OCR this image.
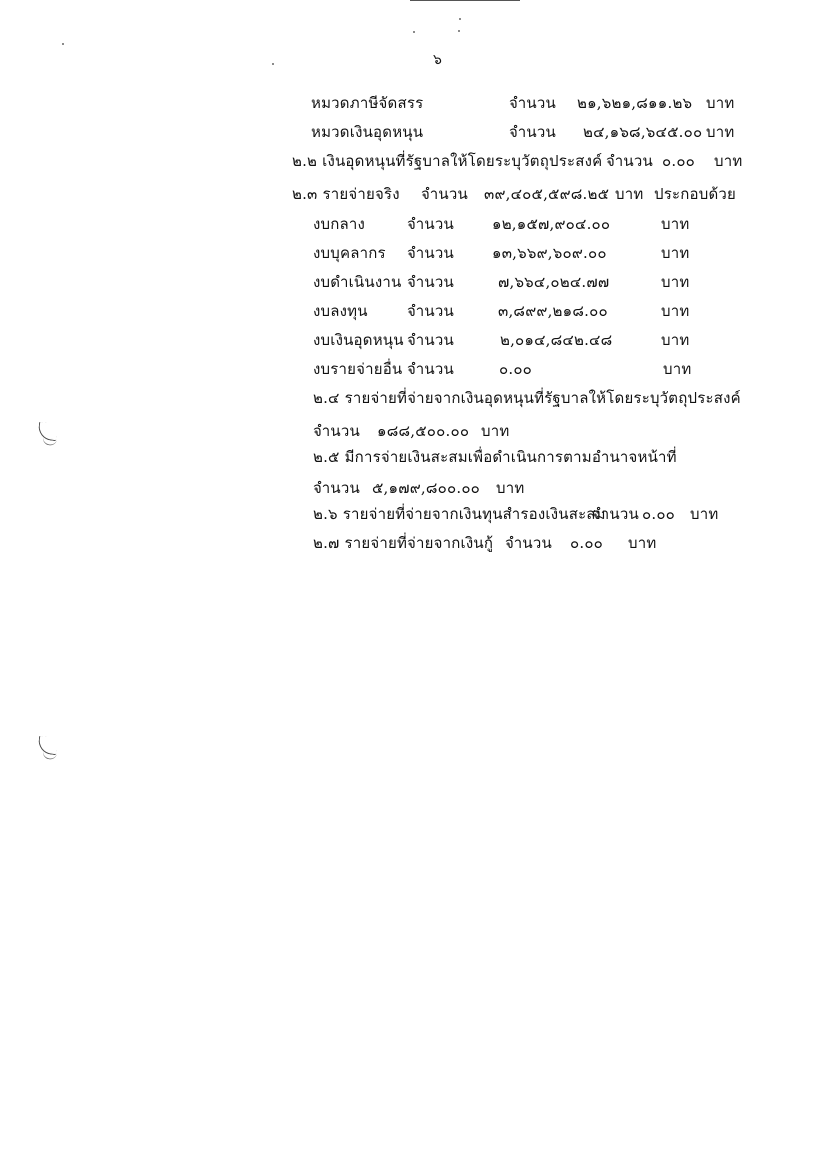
๖
หมวดภาษีจัดสรร	จำนวน ๒๑,๖๒๑,๘๑๑.๒๖ บาท
หมวดเงินอุดหนุน	จำนวน ๒๔,๑๖๘,๖๔๕.๐๐ บาท
๒.๒ เงินอุดหนุนที่รัฐบาลให้โดยระบุวัตถุประสงค์ จำนวน ๐.๐๐ บาท
๒.๓ รายจ่ายจริง จำนวน ๓๙,๔๐๕,๕๙๘.๒๕ บาท ประกอบด้วย
งบกลาง	จำนวน	๑๒,๑๕๗,๙๐๔.๐๐	บาท
งบบุคลากร จำนวน	๑๓,๖๖๙,๖๐๙.๐๐	บาท
งบดำเนินงาน จำนวน	๗,๖๖๔,๐๒๔.๗๗	บาท
งบลงทุน	จำนวน	๓,๘๙๙,๒๑๘.๐๐	บาท
งบเงินอุดหนุน จำนวน	๒,๐๑๔,๘๔๒.๔๘	บาท
งบรายจ่ายอื่น จำนวน	๐.๐๐	บาท
๒.๔ รายจ่ายที่จ่ายจากเงินอุดหนุนที่รัฐบาลให้โดยระบุวัตถุประสงค์
จำนวน ๑๘๘,๕๐๐.๐๐ บาท
๒.๕ มีการจ่ายเงินสะสมเพื่อดำเนินการตามอำนาจหน้าที่
จำนวน ๕,๑๗๙,๘๐๐.๐๐ บาท
๒.๖ รายจ่ายที่จ่ายจากเงินทุนสำรองเงินสะสม
จำนวน ๐.๐๐ บาท
๒.๗ รายจ่ายที่จ่ายจากเงินกู้ จำนวน ๐.๐๐ บาท
